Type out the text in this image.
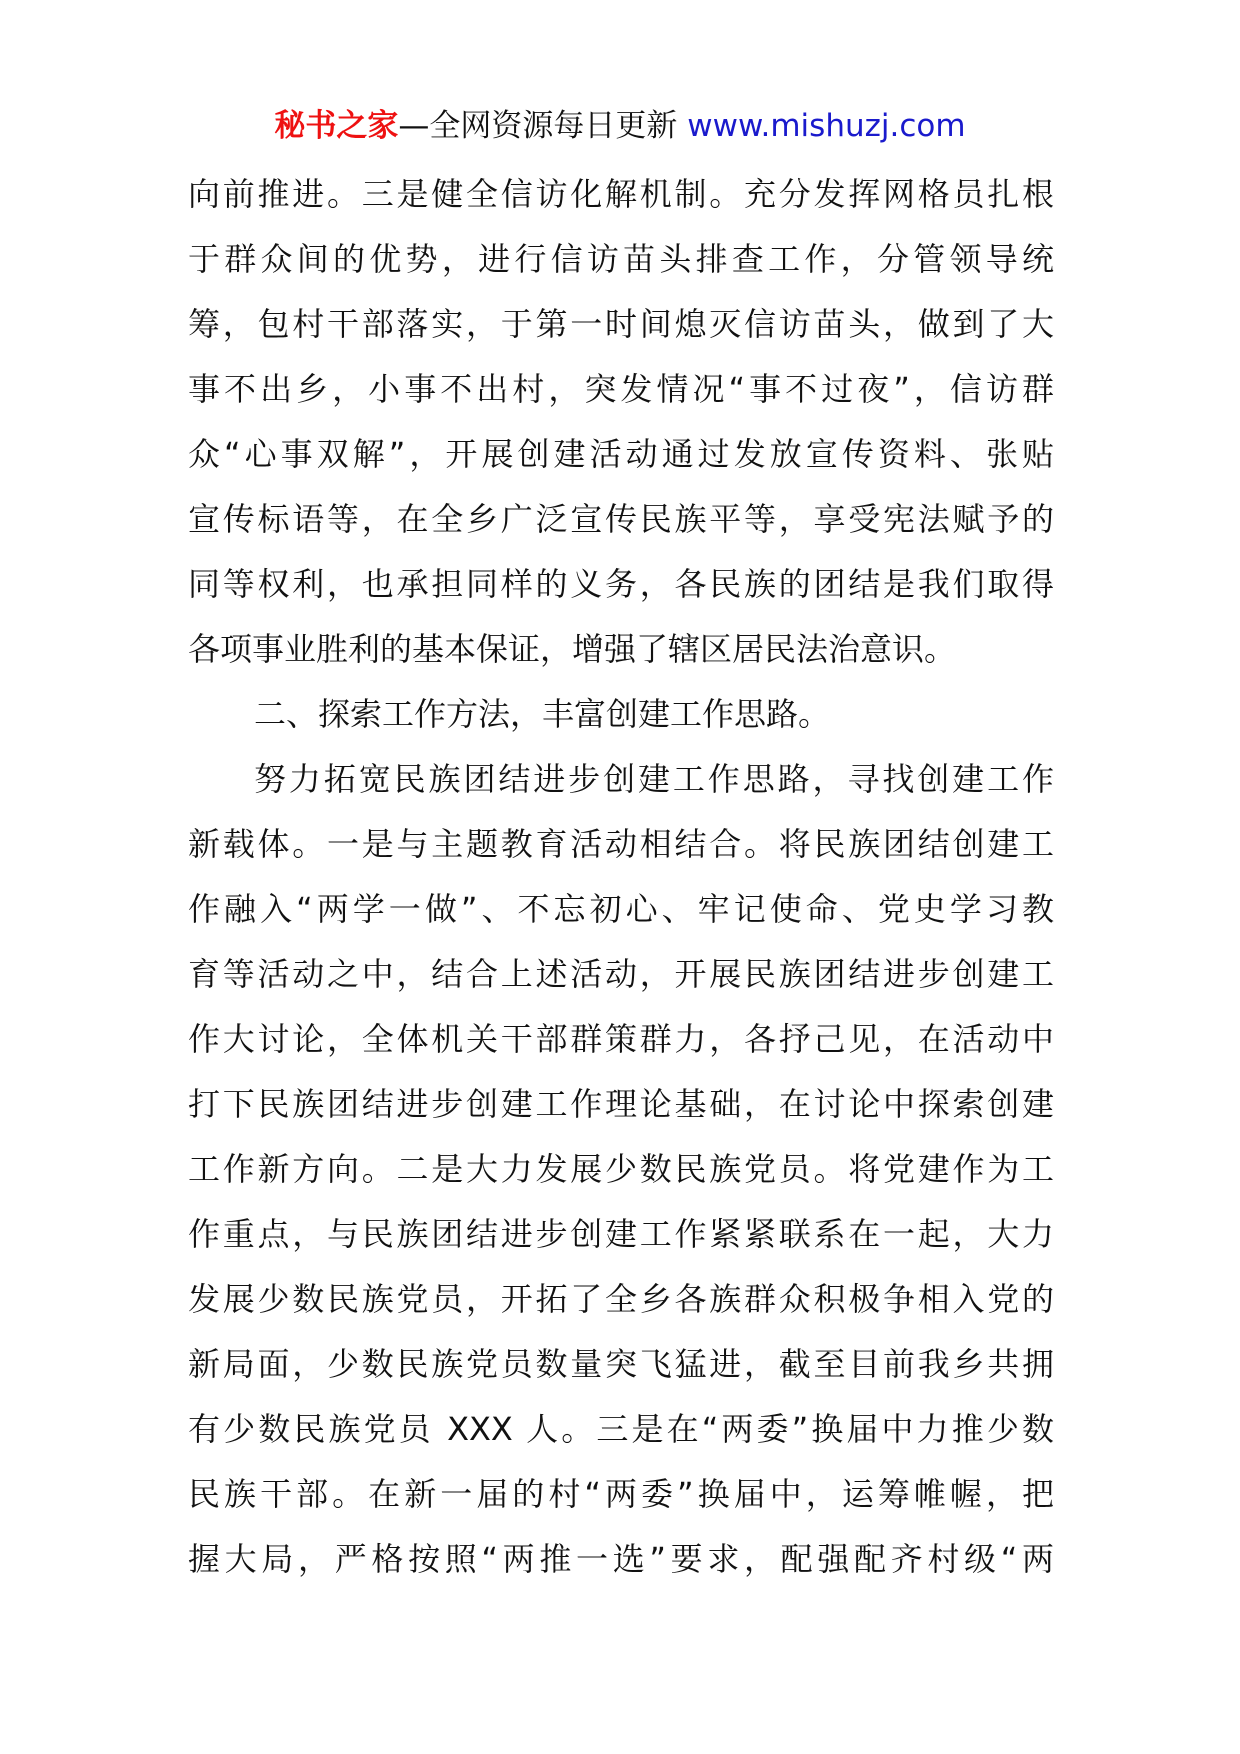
秘书之家—全网资源每日更新 www.mishuzj.com
向前推进。三是健全信访化解机制。充分发挥网格员扎根
于群众间的优势，进行信访苗头排查工作，分管领导统
筹，包村干部落实，于第一时间熄灭信访苗头，做到了大
事不出乡，小事不出村，突发情况“事不过夜”，信访群
众“心事双解”，开展创建活动通过发放宣传资料、张贴
宣传标语等，在全乡广泛宣传民族平等，享受宪法赋予的
同等权利，也承担同样的义务，各民族的团结是我们取得
各项事业胜利的基本保证，增强了辖区居民法治意识。
二、探索工作方法，丰富创建工作思路。
努力拓宽民族团结进步创建工作思路，寻找创建工作
新载体。一是与主题教育活动相结合。将民族团结创建工
作融入“两学一做”、不忘初心、牢记使命、党史学习教
育等活动之中，结合上述活动，开展民族团结进步创建工
作大讨论，全体机关干部群策群力，各抒己见，在活动中
打下民族团结进步创建工作理论基础，在讨论中探索创建
工作新方向。二是大力发展少数民族党员。将党建作为工
作重点，与民族团结进步创建工作紧紧联系在一起，大力
发展少数民族党员，开拓了全乡各族群众积极争相入党的
新局面，少数民族党员数量突飞猛进，截至目前我乡共拥
有少数民族党员 XXX 人。三是在“两委”换届中力推少数
民族干部。在新一届的村“两委”换届中，运筹帷幄，把
握大局，严格按照“两推一选”要求，配强配齐村级“两
